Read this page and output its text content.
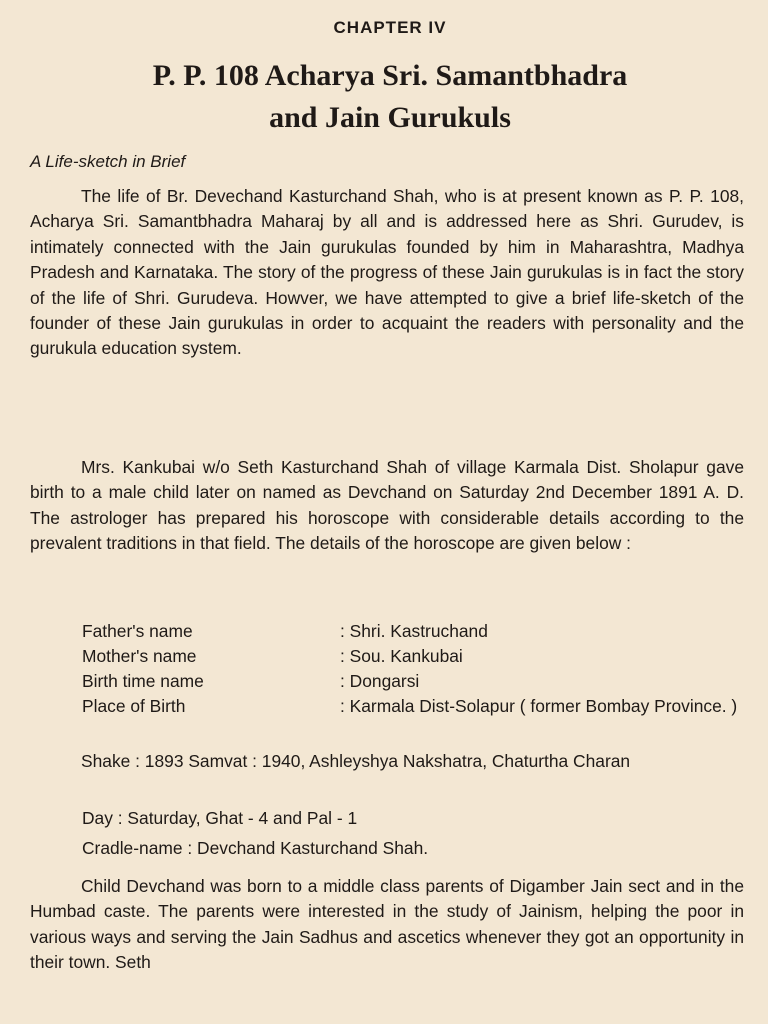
CHAPTER IV
P. P. 108 Acharya Sri. Samantbhadra
and Jain Gurukuls
A Life-sketch in Brief

The life of Br. Devechand Kasturchand Shah, who is at present known as P. P. 108, Acharya Sri. Samantbhadra Maharaj by all and is addressed here as Shri. Gurudev, is intimately connected with the Jain gurukulas founded by him in Maharashtra, Madhya Pradesh and Karnataka. The story of the progress of these Jain gurukulas is in fact the story of the life of Shri. Gurudeva. Howver, we have attempted to give a brief life-sketch of the founder of these Jain gurukulas in order to acquaint the readers with personality and the gurukula education system.

Mrs. Kankubai w/o Seth Kasturchand Shah of village Karmala Dist. Sholapur gave birth to a male child later on named as Devchand on Saturday 2nd December 1891 A. D. The astrologer has prepared his horoscope with considerable details according to the prevalent traditions in that field. The details of the horoscope are given below :

Father's name	: Shri. Kastruchand
Mother's name	: Sou. Kankubai
Birth time name	: Dongarsi
Place of Birth	: Karmala Dist-Solapur ( former Bombay Province. )

Shake : 1893 Samvat : 1940, Ashleyshya Nakshatra, Chaturtha Charan

Day : Saturday, Ghat - 4 and Pal - 1
Cradle-name : Devchand Kasturchand Shah.

Child Devchand was born to a middle class parents of Digamber Jain sect and in the Humbad caste. The parents were interested in the study of Jainism, helping the poor in various ways and serving the Jain Sadhus and ascetics whenever they got an opportunity in their town. Seth
